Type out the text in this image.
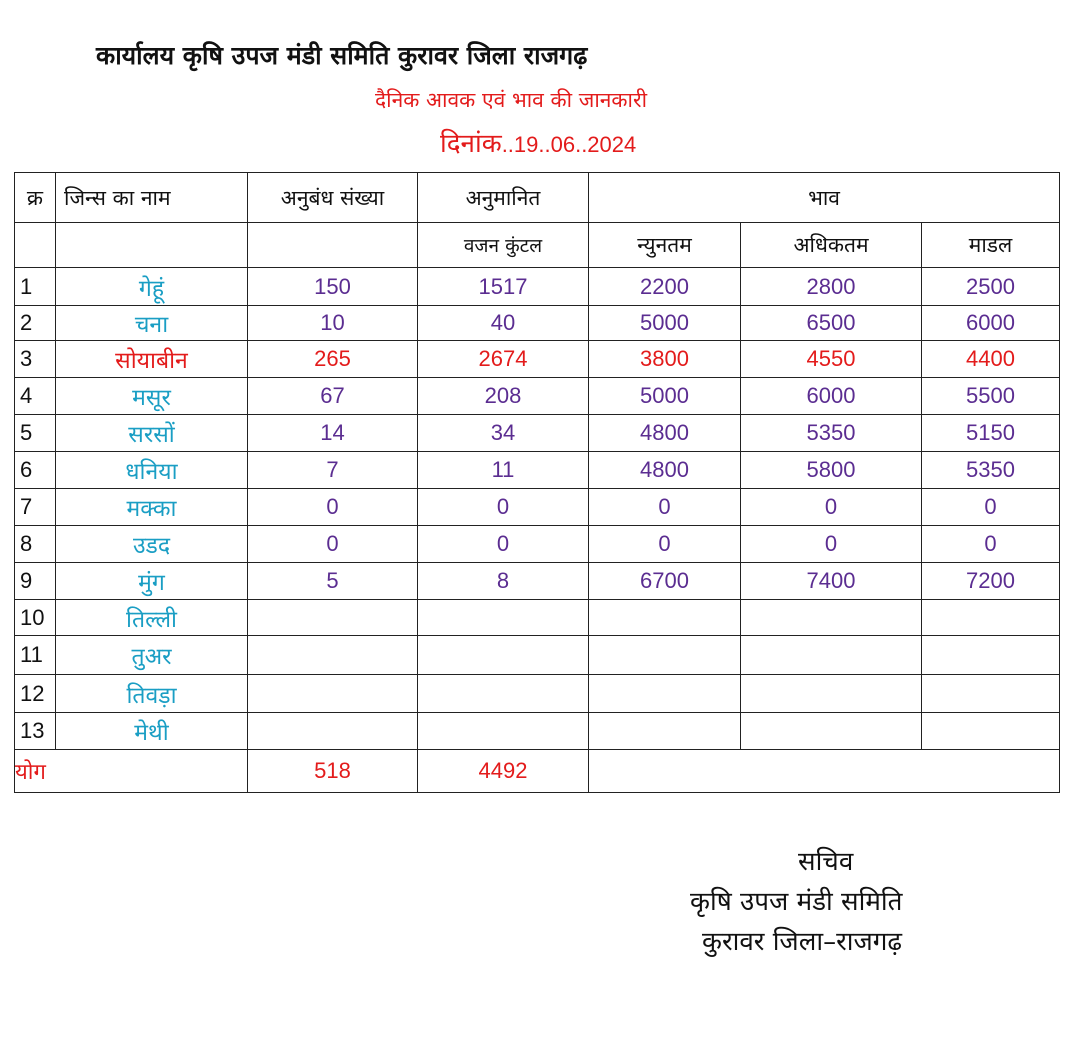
कार्यालय कृषि उपज मंडी समिति कुरावर जिला राजगढ़
दैनिक आवक एवं भाव की जानकारी
दिनांक..19..06..2024
क्र	जिन्स का नाम	अनुबंध संख्या	अनुमानित	भाव		
			वजन कुंटल	न्युनतम	अधिकतम	माडल
1	गेहूं	150	1517	2200	2800	2500
2	चना	10	40	5000	6500	6000
3	सोयाबीन	265	2674	3800	4550	4400
4	मसूर	67	208	5000	6000	5500
5	सरसों	14	34	4800	5350	5150
6	धनिया	7	11	4800	5800	5350
7	मक्का	0	0	0	0	0
8	उडद	0	0	0	0	0
9	मुंग	5	8	6700	7400	7200
10	तिल्ली					
11	तुअर					
12	तिवड़ा					
13	मेथी					
योग		518	4492			
सचिव
कृषि उपज मंडी समिति
कुरावर जिला–राजगढ़
